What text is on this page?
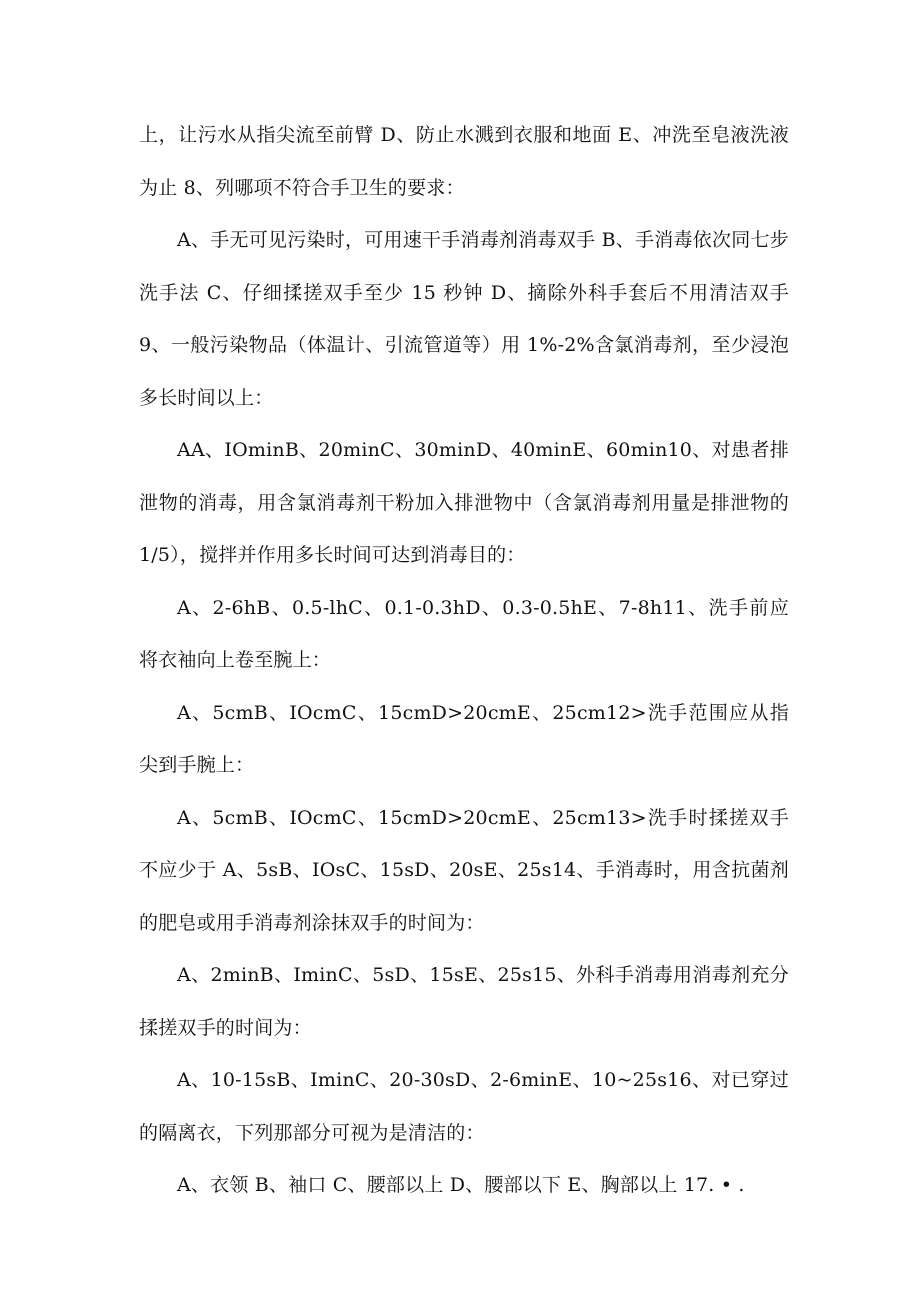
上，让污水从指尖流至前臂 D、防止水溅到衣服和地面 E、冲洗至皂液洗液为止 8、列哪项不符合手卫生的要求：

A、手无可见污染时，可用速干手消毒剂消毒双手 B、手消毒依次同七步洗手法 C、仔细揉搓双手至少 15 秒钟 D、摘除外科手套后不用清洁双手 9、一般污染物品（体温计、引流管道等）用 1%-2%含氯消毒剂，至少浸泡多长时间以上：

AA、IOminB、20minC、30minD、40minE、60min10、对患者排泄物的消毒，用含氯消毒剂干粉加入排泄物中（含氯消毒剂用量是排泄物的 1/5），搅拌并作用多长时间可达到消毒目的：

A、2-6hB、0.5-lhC、0.1-0.3hD、0.3-0.5hE、7-8h11、洗手前应将衣袖向上卷至腕上：

A、5cmB、IOcmC、15cmD>20cmE、25cm12>洗手范围应从指尖到手腕上：

A、5cmB、IOcmC、15cmD>20cmE、25cm13>洗手时揉搓双手不应少于 A、5sB、IOsC、15sD、20sE、25s14、手消毒时，用含抗菌剂的肥皂或用手消毒剂涂抹双手的时间为：

A、2minB、IminC、5sD、15sE、25s15、外科手消毒用消毒剂充分揉搓双手的时间为：

A、10-15sB、IminC、20-30sD、2-6minE、10~25s16、对已穿过的隔离衣，下列那部分可视为是清洁的：

A、衣领 B、袖口 C、腰部以上 D、腰部以下 E、胸部以上 17. • .
